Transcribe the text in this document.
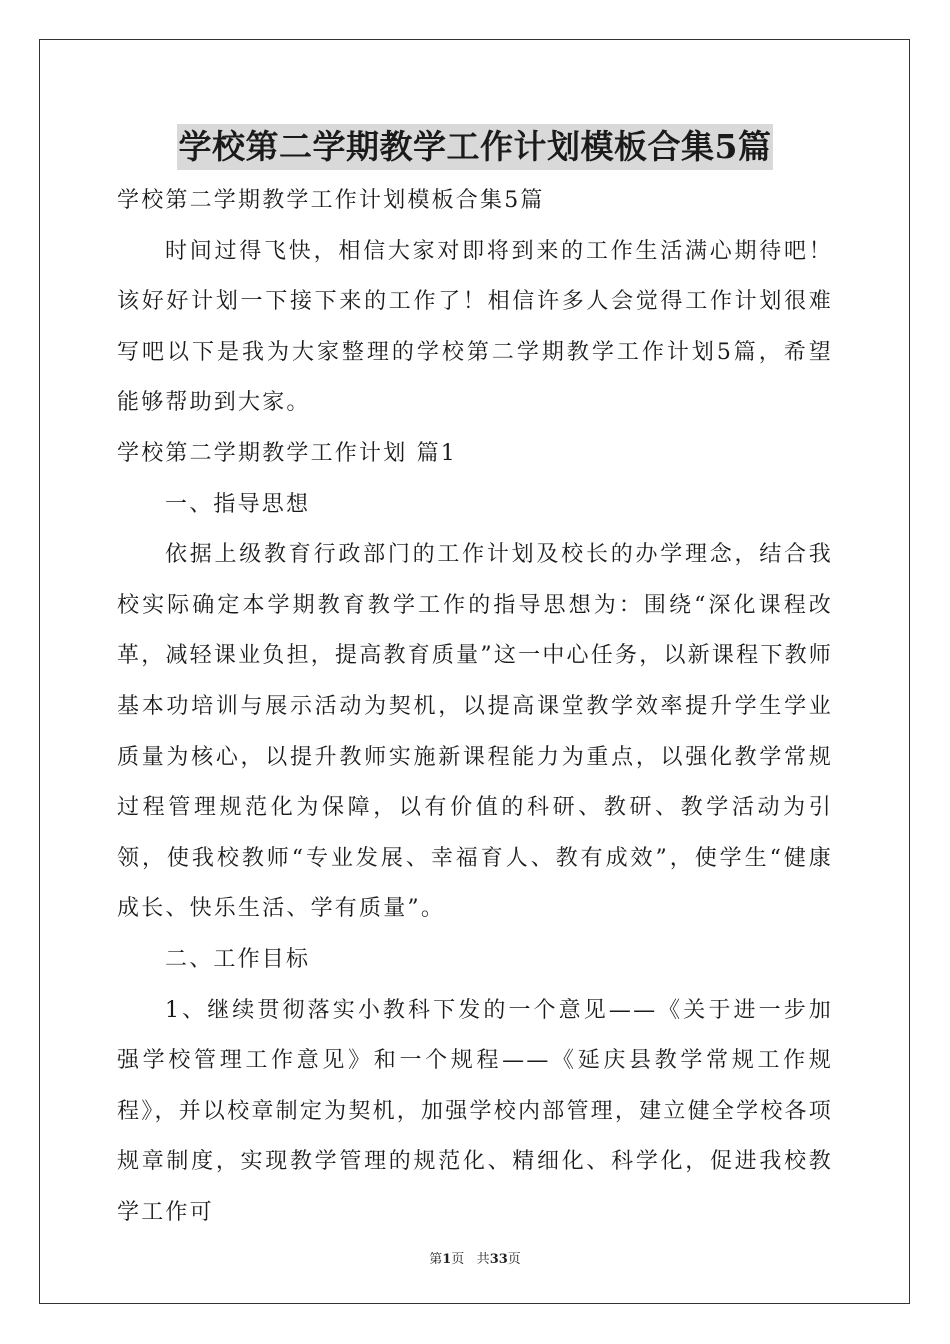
学校第二学期教学工作计划模板合集5篇

学校第二学期教学工作计划模板合集5篇

时间过得飞快，相信大家对即将到来的工作生活满心期待吧！该好好计划一下接下来的工作了！相信许多人会觉得工作计划很难写吧以下是我为大家整理的学校第二学期教学工作计划5篇，希望能够帮助到大家。

学校第二学期教学工作计划 篇1

一、指导思想

依据上级教育行政部门的工作计划及校长的办学理念，结合我校实际确定本学期教育教学工作的指导思想为：围绕“深化课程改革，减轻课业负担，提高教育质量”这一中心任务，以新课程下教师基本功培训与展示活动为契机，以提高课堂教学效率提升学生学业质量为核心，以提升教师实施新课程能力为重点，以强化教学常规过程管理规范化为保障，以有价值的科研、教研、教学活动为引领，使我校教师“专业发展、幸福育人、教有成效”，使学生“健康成长、快乐生活、学有质量”。

二、工作目标

1、继续贯彻落实小教科下发的一个意见——《关于进一步加强学校管理工作意见》和一个规程——《延庆县教学常规工作规程》，并以校章制定为契机，加强学校内部管理，建立健全学校各项规章制度，实现教学管理的规范化、精细化、科学化，促进我校教学工作可

第1页 共33页
